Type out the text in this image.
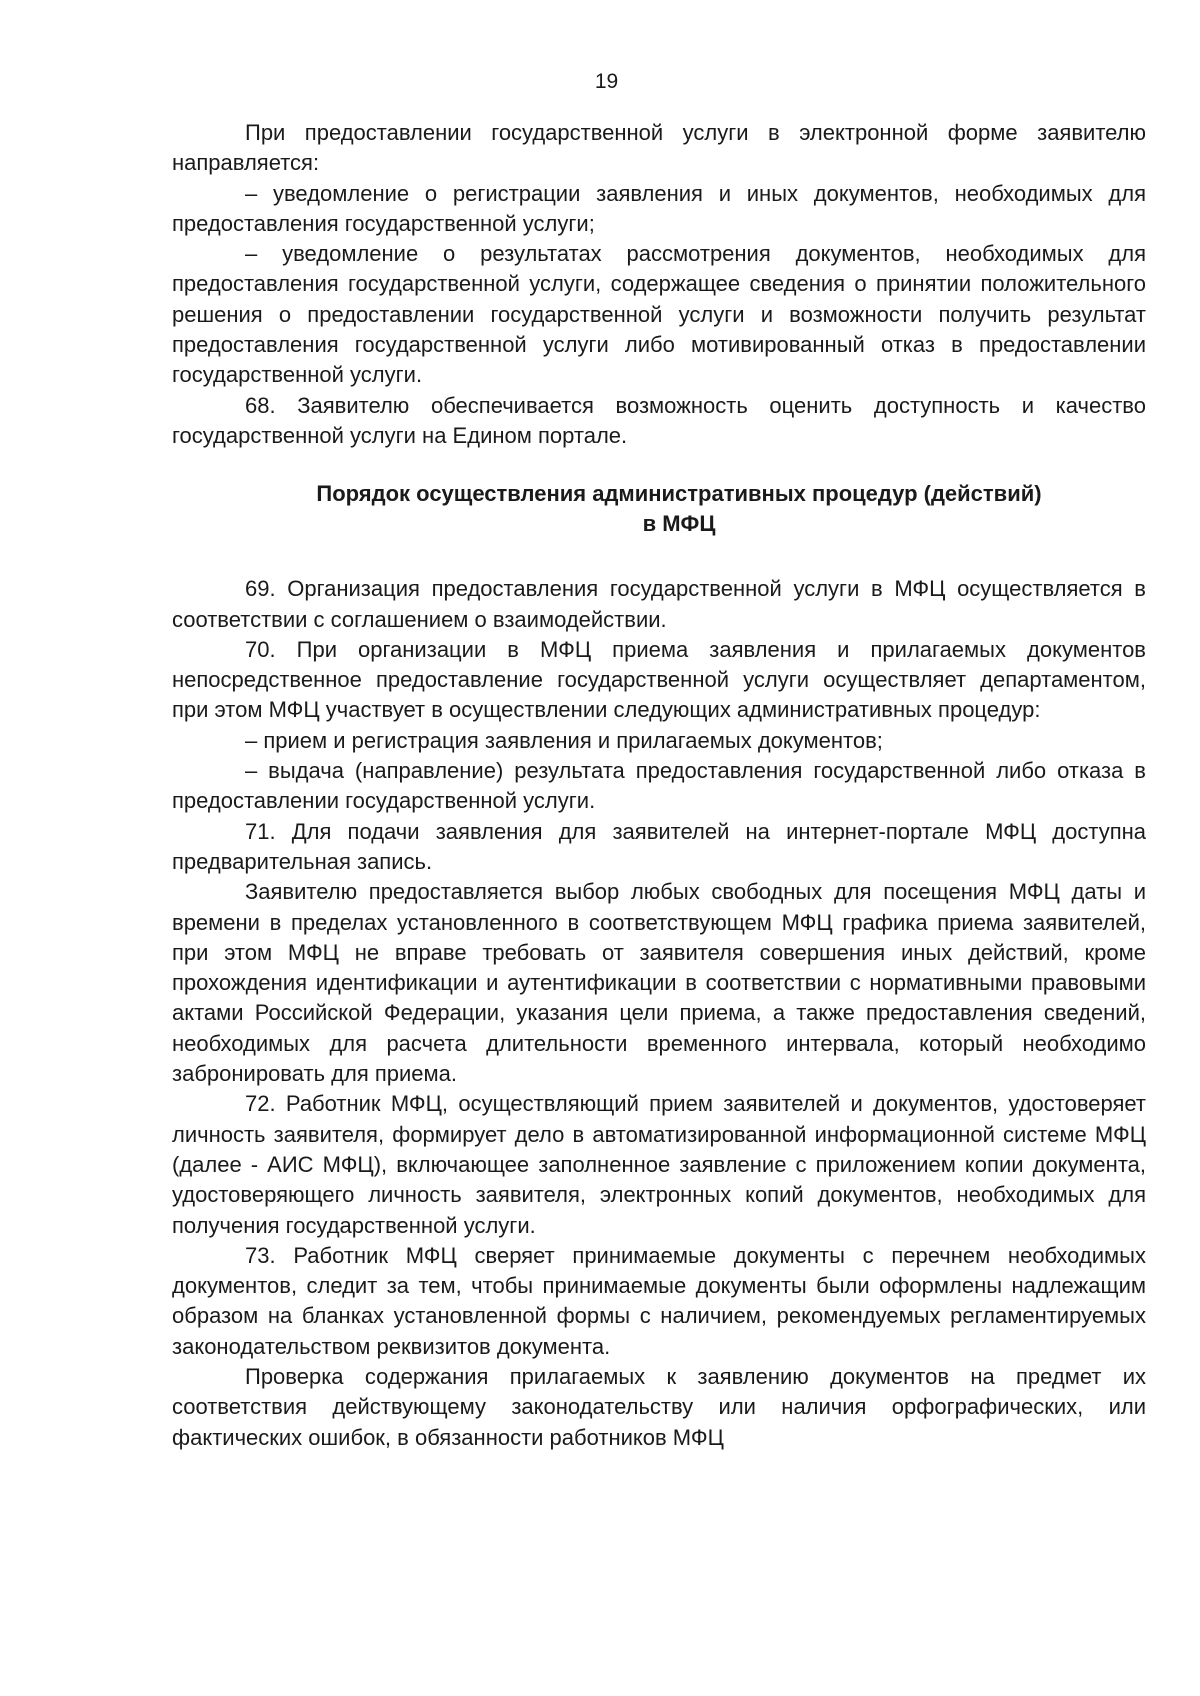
19

При предоставлении государственной услуги в электронной форме заявителю направляется:

– уведомление о регистрации заявления и иных документов, необходимых для предоставления государственной услуги;

– уведомление о результатах рассмотрения документов, необходимых для предоставления государственной услуги, содержащее сведения о принятии положительного решения о предоставлении государственной услуги и возможности получить результат предоставления государственной услуги либо мотивированный отказ в предоставлении государственной услуги.

68. Заявителю обеспечивается возможность оценить доступность и качество государственной услуги на Едином портале.

Порядок осуществления административных процедур (действий)
в МФЦ

69. Организация предоставления государственной услуги в МФЦ осуществляется в соответствии с соглашением о взаимодействии.

70. При организации в МФЦ приема заявления и прилагаемых документов непосредственное предоставление государственной услуги осуществляет департаментом, при этом МФЦ участвует в осуществлении следующих административных процедур:

– прием и регистрация заявления и прилагаемых документов;

– выдача (направление) результата предоставления государственной либо отказа в предоставлении государственной услуги.

71. Для подачи заявления для заявителей на интернет-портале МФЦ доступна предварительная запись.

Заявителю предоставляется выбор любых свободных для посещения МФЦ даты и времени в пределах установленного в соответствующем МФЦ графика приема заявителей, при этом МФЦ не вправе требовать от заявителя совершения иных действий, кроме прохождения идентификации и аутентификации в соответствии с нормативными правовыми актами Российской Федерации, указания цели приема, а также предоставления сведений, необходимых для расчета длительности временного интервала, который необходимо забронировать для приема.

72. Работник МФЦ, осуществляющий прием заявителей и документов, удостоверяет личность заявителя, формирует дело в автоматизированной информационной системе МФЦ (далее - АИС МФЦ), включающее заполненное заявление с приложением копии документа, удостоверяющего личность заявителя, электронных копий документов, необходимых для получения государственной услуги.

73. Работник МФЦ сверяет принимаемые документы с перечнем необходимых документов, следит за тем, чтобы принимаемые документы были оформлены надлежащим образом на бланках установленной формы с наличием, рекомендуемых регламентируемых законодательством реквизитов документа.

Проверка содержания прилагаемых к заявлению документов на предмет их соответствия действующему законодательству или наличия орфографических, или фактических ошибок, в обязанности работников МФЦ
